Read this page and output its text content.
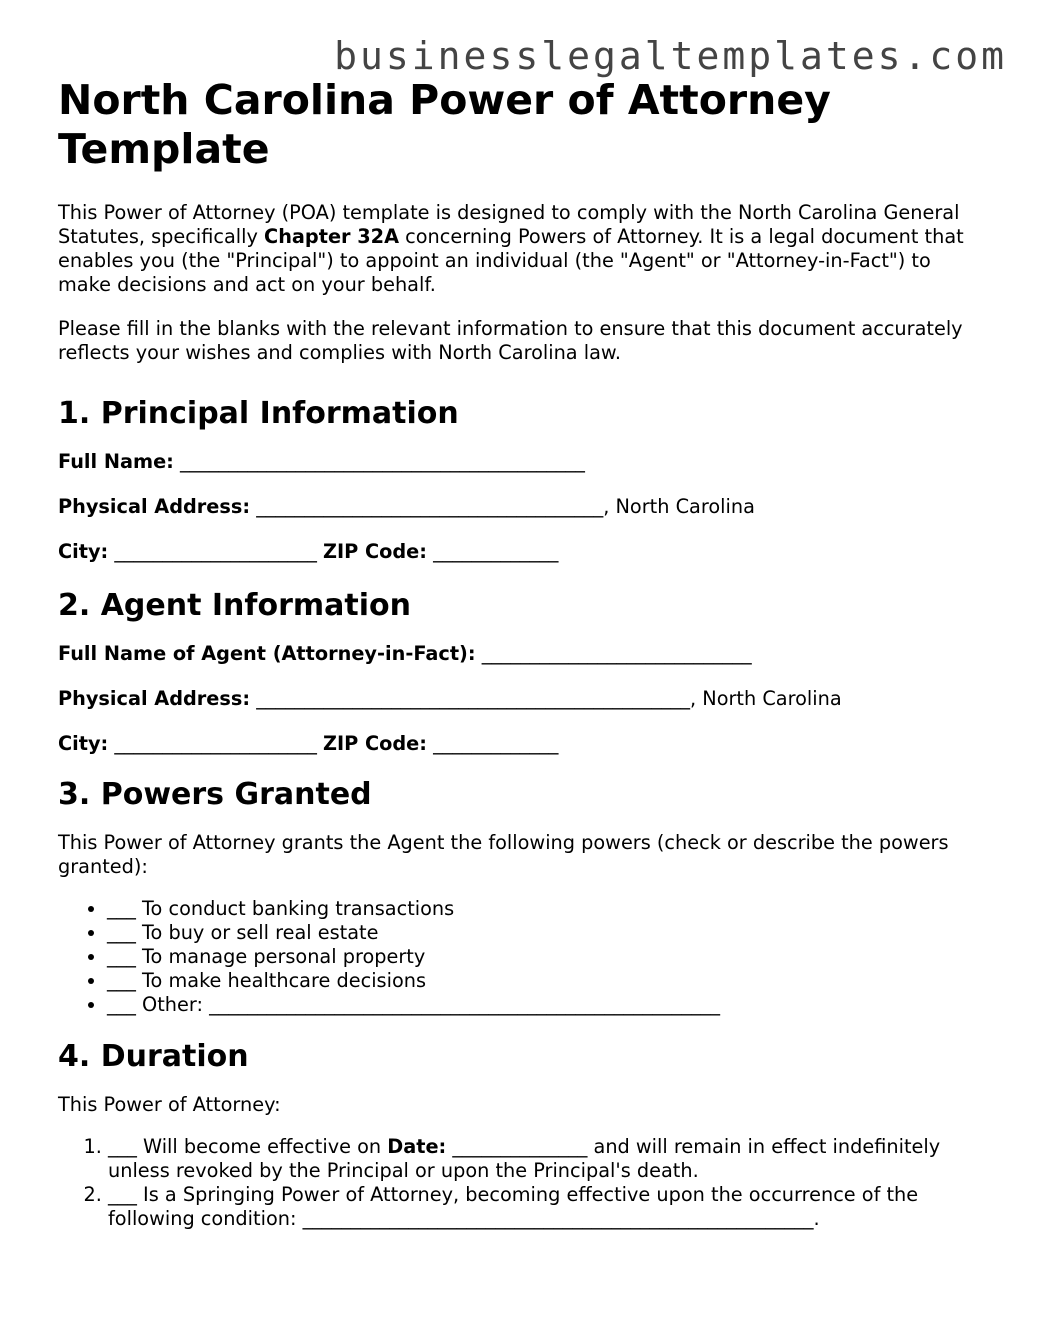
businesslegaltemplates.com
North Carolina Power of Attorney Template

This Power of Attorney (POA) template is designed to comply with the North Carolina General Statutes, specifically Chapter 32A concerning Powers of Attorney. It is a legal document that enables you (the "Principal") to appoint an individual (the "Agent" or "Attorney-in-Fact") to make decisions and act on your behalf.

Please fill in the blanks with the relevant information to ensure that this document accurately reflects your wishes and complies with North Carolina law.

1. Principal Information
Full Name: __________________________________________
Physical Address: ____________________________________, North Carolina
City: _____________________ ZIP Code: _____________
2. Agent Information
Full Name of Agent (Attorney-in-Fact): ____________________________
Physical Address: _____________________________________________, North Carolina
City: _____________________ ZIP Code: _____________
3. Powers Granted

This Power of Attorney grants the Agent the following powers (check or describe the powers granted):

• ___ To conduct banking transactions
• ___ To buy or sell real estate
• ___ To manage personal property
• ___ To make healthcare decisions
• ___ Other: _____________________________________________________
4. Duration

This Power of Attorney:

1. ___ Will become effective on Date: ______________ and will remain in effect indefinitely unless revoked by the Principal or upon the Principal's death.
2. ___ Is a Springing Power of Attorney, becoming effective upon the occurrence of the following condition: _____________________________________________________.
